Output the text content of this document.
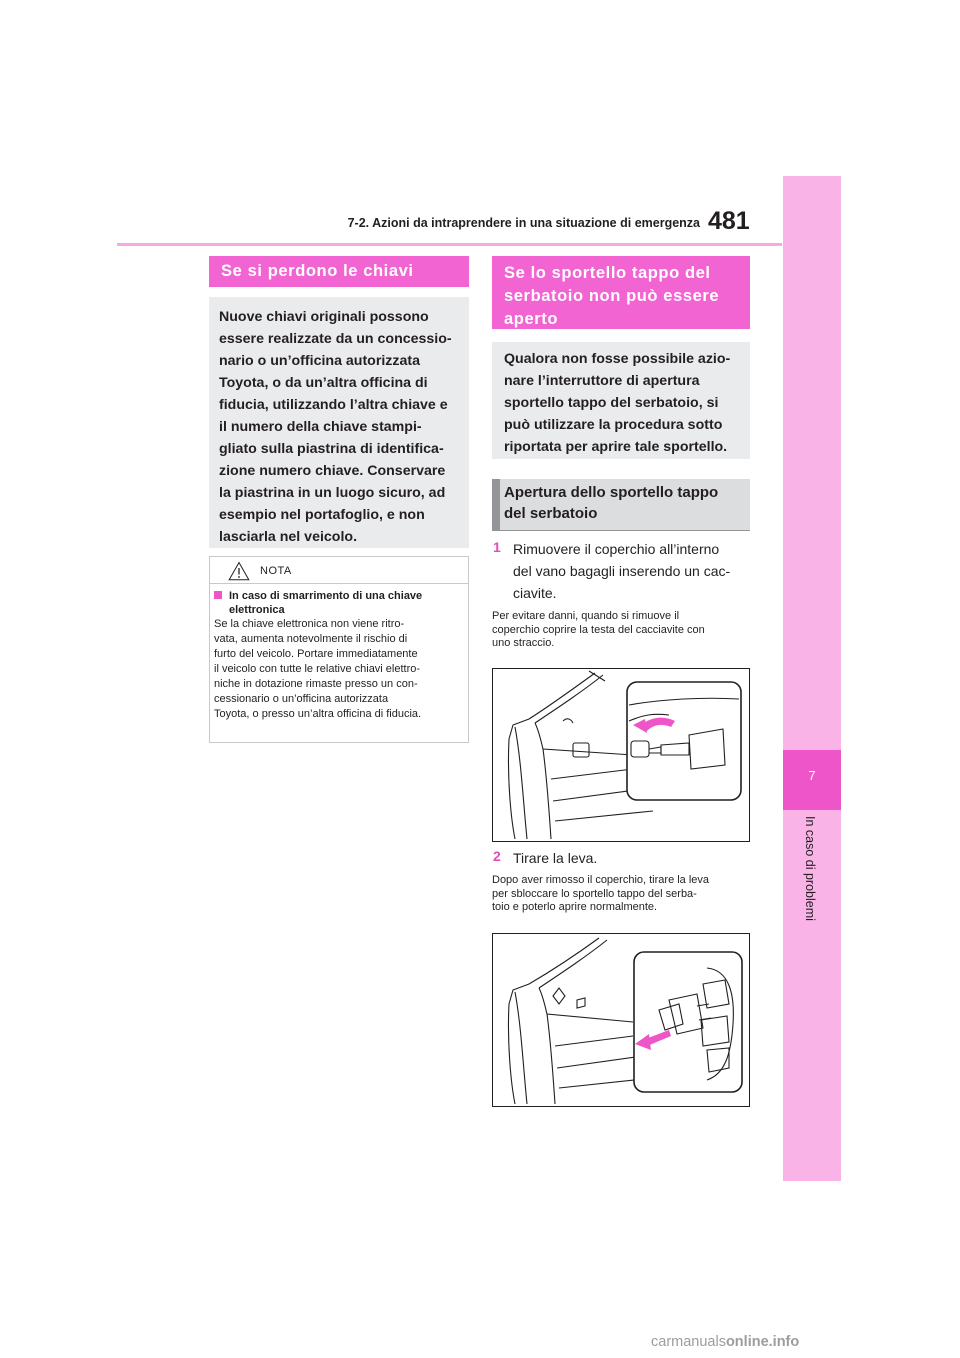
7-2. Azioni da intraprendere in una situazione di emergenza 481
7
In caso di problemi
Se si perdono le chiavi
Nuove chiavi originali possono
essere realizzate da un concessio-
nario o un’officina autorizzata
Toyota, o da un’altra officina di
fiducia, utilizzando l’altra chiave e
il numero della chiave stampi-
gliato sulla piastrina di identifica-
zione numero chiave. Conservare
la piastrina in un luogo sicuro, ad
esempio nel portafoglio, e non
lasciarla nel veicolo.
NOTA
In caso di smarrimento di una chiave elettronica
Se la chiave elettronica non viene ritro-
vata, aumenta notevolmente il rischio di
furto del veicolo. Portare immediatamente
il veicolo con tutte le relative chiavi elettro-
niche in dotazione rimaste presso un con-
cessionario o un’officina autorizzata
Toyota, o presso un’altra officina di fiducia.
Se lo sportello tappo del
serbatoio non può essere
aperto
Qualora non fosse possibile azio-
nare l’interruttore di apertura
sportello tappo del serbatoio, si
può utilizzare la procedura sotto
riportata per aprire tale sportello.
Apertura dello sportello tappo
del serbatoio
1 Rimuovere il coperchio all’interno
del vano bagagli inserendo un cac-
ciavite.
Per evitare danni, quando si rimuove il
coperchio coprire la testa del cacciavite con
uno straccio.
2 Tirare la leva.
Dopo aver rimosso il coperchio, tirare la leva
per sbloccare lo sportello tappo del serba-
toio e poterlo aprire normalmente.
carmanualsonline.info
